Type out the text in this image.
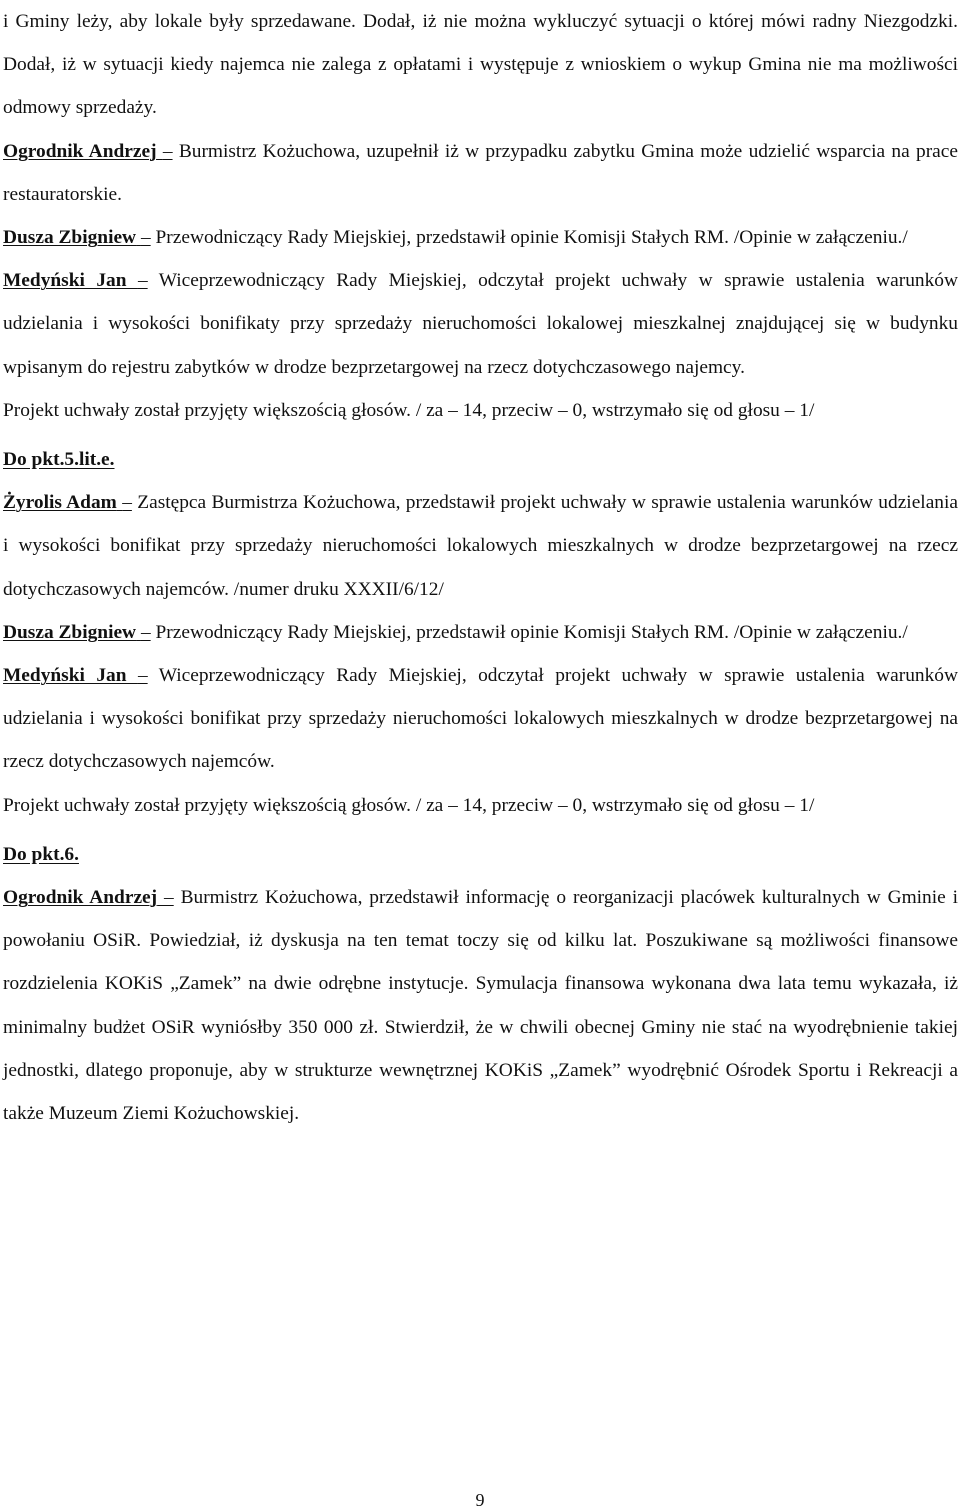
i Gminy leży, aby lokale były sprzedawane. Dodał, iż nie można wykluczyć sytuacji o której mówi radny Niezgodzki. Dodał, iż w sytuacji kiedy najemca nie zalega z opłatami i występuje z wnioskiem o wykup Gmina nie ma możliwości odmowy sprzedaży.

Ogrodnik Andrzej – Burmistrz Kożuchowa, uzupełnił iż w przypadku zabytku Gmina może udzielić wsparcia na prace restauratorskie.

Dusza Zbigniew – Przewodniczący Rady Miejskiej, przedstawił opinie Komisji Stałych RM. /Opinie w załączeniu./

Medyński Jan – Wiceprzewodniczący Rady Miejskiej, odczytał projekt uchwały w sprawie ustalenia warunków udzielania i wysokości bonifikaty przy sprzedaży nieruchomości lokalowej mieszkalnej znajdującej się w budynku wpisanym do rejestru zabytków w drodze bezprzetargowej na rzecz dotychczasowego najemcy.

Projekt uchwały został przyjęty większością głosów. / za – 14, przeciw – 0, wstrzymało się od głosu – 1/

Do pkt.5.lit.e.

Żyrolis Adam – Zastępca Burmistrza Kożuchowa, przedstawił projekt uchwały w sprawie ustalenia warunków udzielania i wysokości bonifikat przy sprzedaży nieruchomości lokalowych mieszkalnych w drodze bezprzetargowej na rzecz dotychczasowych najemców. /numer druku XXXII/6/12/

Dusza Zbigniew – Przewodniczący Rady Miejskiej, przedstawił opinie Komisji Stałych RM. /Opinie w załączeniu./

Medyński Jan – Wiceprzewodniczący Rady Miejskiej, odczytał projekt uchwały w sprawie ustalenia warunków udzielania i wysokości bonifikat przy sprzedaży nieruchomości lokalowych mieszkalnych w drodze bezprzetargowej na rzecz dotychczasowych najemców.

Projekt uchwały został przyjęty większością głosów. / za – 14, przeciw – 0, wstrzymało się od głosu – 1/

Do pkt.6.

Ogrodnik Andrzej – Burmistrz Kożuchowa, przedstawił informację o reorganizacji placówek kulturalnych w Gminie i powołaniu OSiR. Powiedział, iż dyskusja na ten temat toczy się od kilku lat. Poszukiwane są możliwości finansowe rozdzielenia KOKiS „Zamek” na dwie odrębne instytucje. Symulacja finansowa wykonana dwa lata temu wykazała, iż minimalny budżet OSiR wyniósłby 350 000 zł. Stwierdził, że w chwili obecnej Gminy nie stać na wyodrębnienie takiej jednostki, dlatego proponuje, aby w strukturze wewnętrznej KOKiS „Zamek” wyodrębnić Ośrodek Sportu i Rekreacji a także Muzeum Ziemi Kożuchowskiej.

9
